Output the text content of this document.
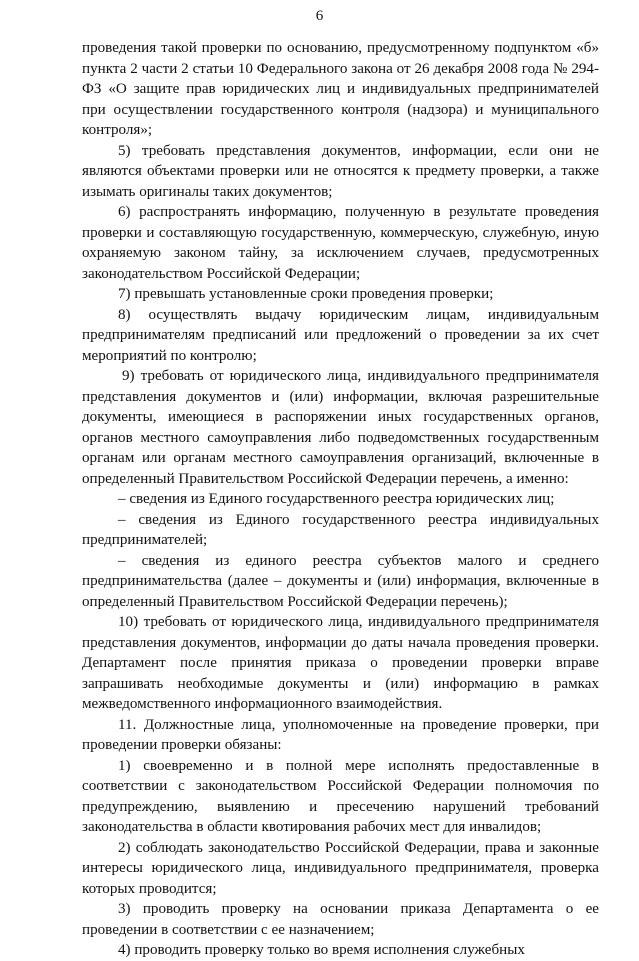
6

проведения такой проверки по основанию, предусмотренному подпунктом «б» пункта 2 части 2 статьи 10 Федерального закона от 26 декабря 2008 года № 294-ФЗ «О защите прав юридических лиц и индивидуальных предпринимателей при осуществлении государственного контроля (надзора) и муниципального контроля»;

5) требовать представления документов, информации, если они не являются объектами проверки или не относятся к предмету проверки, а также изымать оригиналы таких документов;

6) распространять информацию, полученную в результате проведения проверки и составляющую государственную, коммерческую, служебную, иную охраняемую законом тайну, за исключением случаев, предусмотренных законодательством Российской Федерации;

7) превышать установленные сроки проведения проверки;

8) осуществлять выдачу юридическим лицам, индивидуальным предпринимателям предписаний или предложений о проведении за их счет мероприятий по контролю;

9) требовать от юридического лица, индивидуального предпринимателя представления документов и (или) информации, включая разрешительные документы, имеющиеся в распоряжении иных государственных органов, органов местного самоуправления либо подведомственных государственным органам или органам местного самоуправления организаций, включенные в определенный Правительством Российской Федерации перечень, а именно:

– сведения из Единого государственного реестра юридических лиц;

– сведения из Единого государственного реестра индивидуальных предпринимателей;

– сведения из единого реестра субъектов малого и среднего предпринимательства (далее – документы и (или) информация, включенные в определенный Правительством Российской Федерации перечень);

10) требовать от юридического лица, индивидуального предпринимателя представления документов, информации до даты начала проведения проверки. Департамент после принятия приказа о проведении проверки вправе запрашивать необходимые документы и (или) информацию в рамках межведомственного информационного взаимодействия.

11. Должностные лица, уполномоченные на проведение проверки, при проведении проверки обязаны:

1) своевременно и в полной мере исполнять предоставленные в соответствии с законодательством Российской Федерации полномочия по предупреждению, выявлению и пресечению нарушений требований законодательства в области квотирования рабочих мест для инвалидов;

2) соблюдать законодательство Российской Федерации, права и законные интересы юридического лица, индивидуального предпринимателя, проверка которых проводится;

3) проводить проверку на основании приказа Департамента о ее проведении в соответствии с ее назначением;

4) проводить проверку только во время исполнения служебных
